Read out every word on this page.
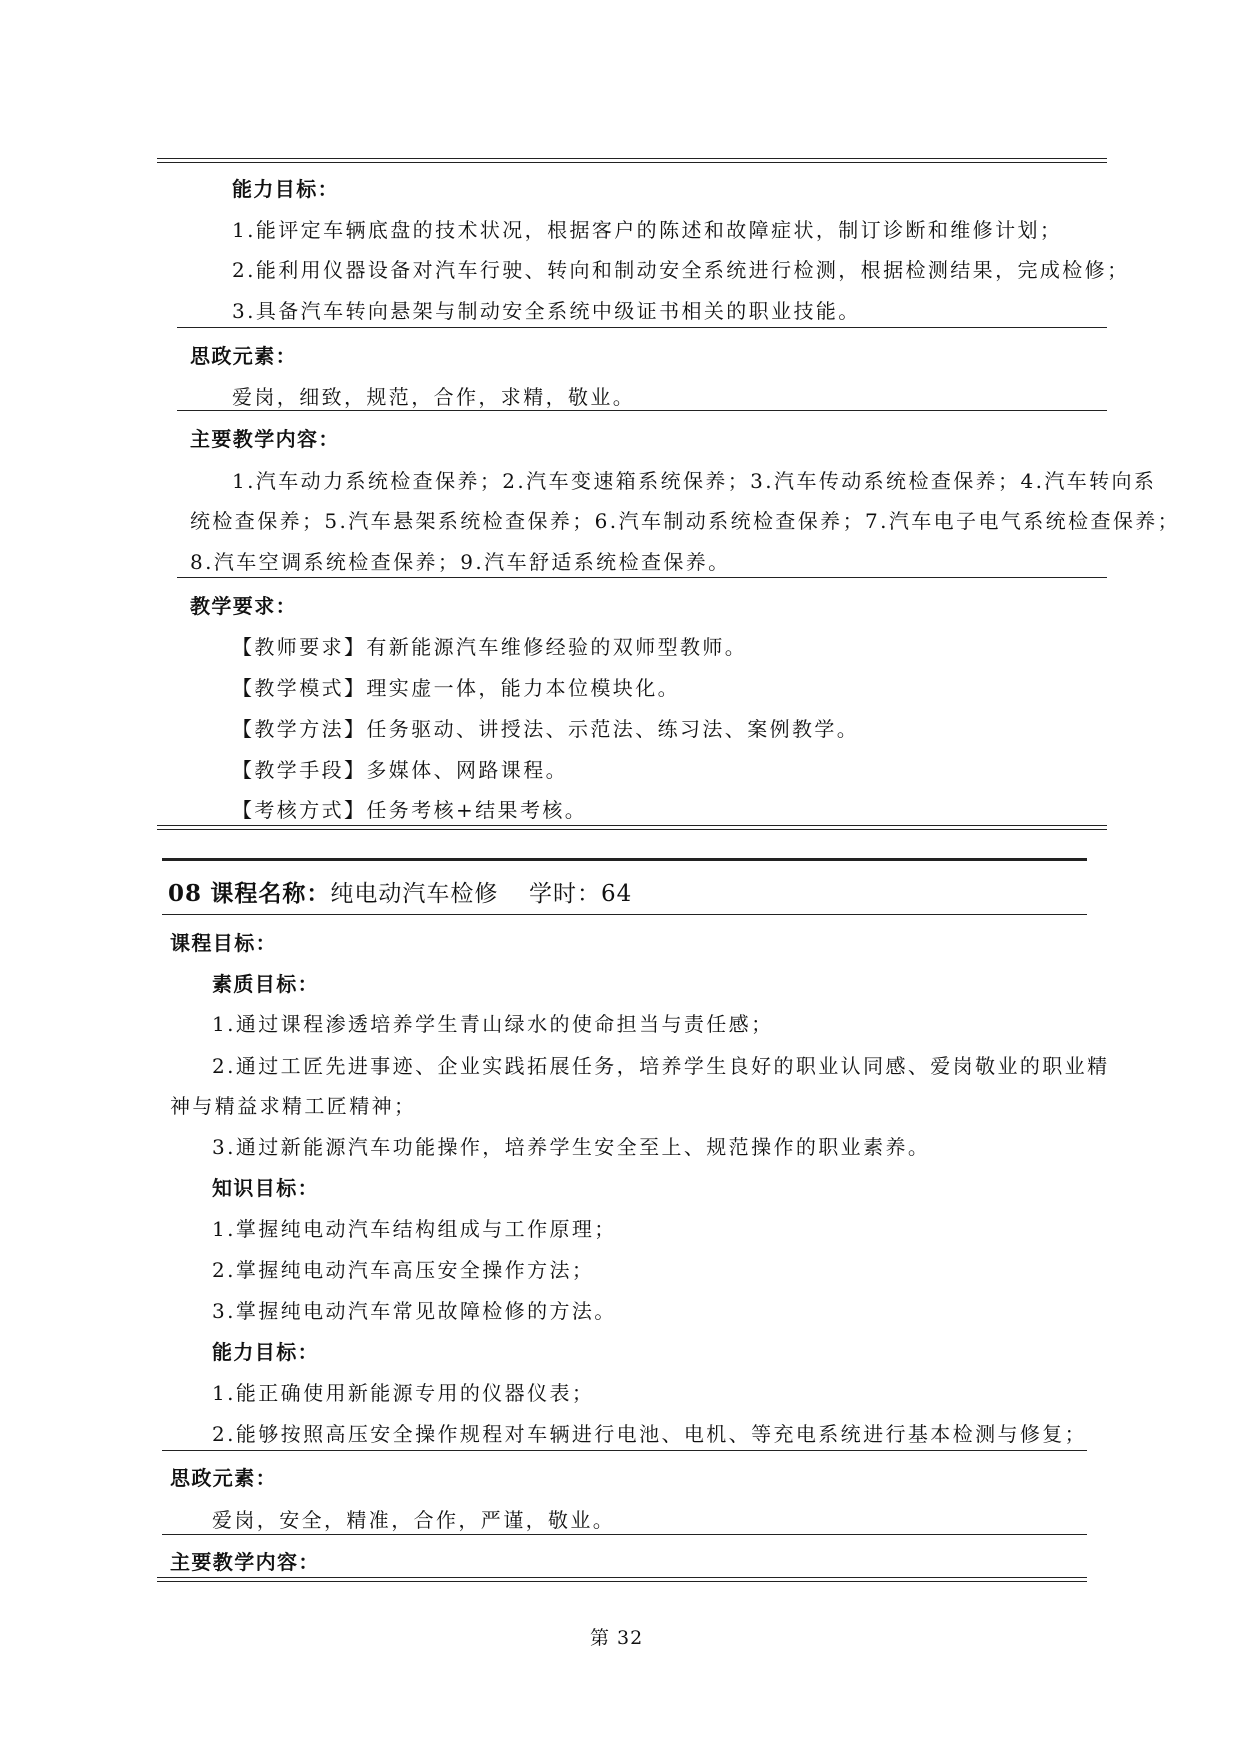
能力目标：
1.能评定车辆底盘的技术状况，根据客户的陈述和故障症状，制订诊断和维修计划；
2.能利用仪器设备对汽车行驶、转向和制动安全系统进行检测，根据检测结果，完成检修；
3.具备汽车转向悬架与制动安全系统中级证书相关的职业技能。
思政元素：
爱岗，细致，规范，合作，求精，敬业。
主要教学内容：
1.汽车动力系统检查保养；2.汽车变速箱系统保养；3.汽车传动系统检查保养；4.汽车转向系
统检查保养；5.汽车悬架系统检查保养；6.汽车制动系统检查保养；7.汽车电子电气系统检查保养；
8.汽车空调系统检查保养；9.汽车舒适系统检查保养。
教学要求：
【教师要求】有新能源汽车维修经验的双师型教师。
【教学模式】理实虚一体，能力本位模块化。
【教学方法】任务驱动、讲授法、示范法、练习法、案例教学。
【教学手段】多媒体、网路课程。
【考核方式】任务考核+结果考核。
08 课程名称：纯电动汽车检修 学时：64
课程目标：
素质目标：
1.通过课程渗透培养学生青山绿水的使命担当与责任感；
2.通过工匠先进事迹、企业实践拓展任务，培养学生良好的职业认同感、爱岗敬业的职业精
神与精益求精工匠精神；
3.通过新能源汽车功能操作，培养学生安全至上、规范操作的职业素养。
知识目标：
1.掌握纯电动汽车结构组成与工作原理；
2.掌握纯电动汽车高压安全操作方法；
3.掌握纯电动汽车常见故障检修的方法。
能力目标：
1.能正确使用新能源专用的仪器仪表；
2.能够按照高压安全操作规程对车辆进行电池、电机、等充电系统进行基本检测与修复；
思政元素：
爱岗，安全，精准，合作，严谨，敬业。
主要教学内容：
第 32
